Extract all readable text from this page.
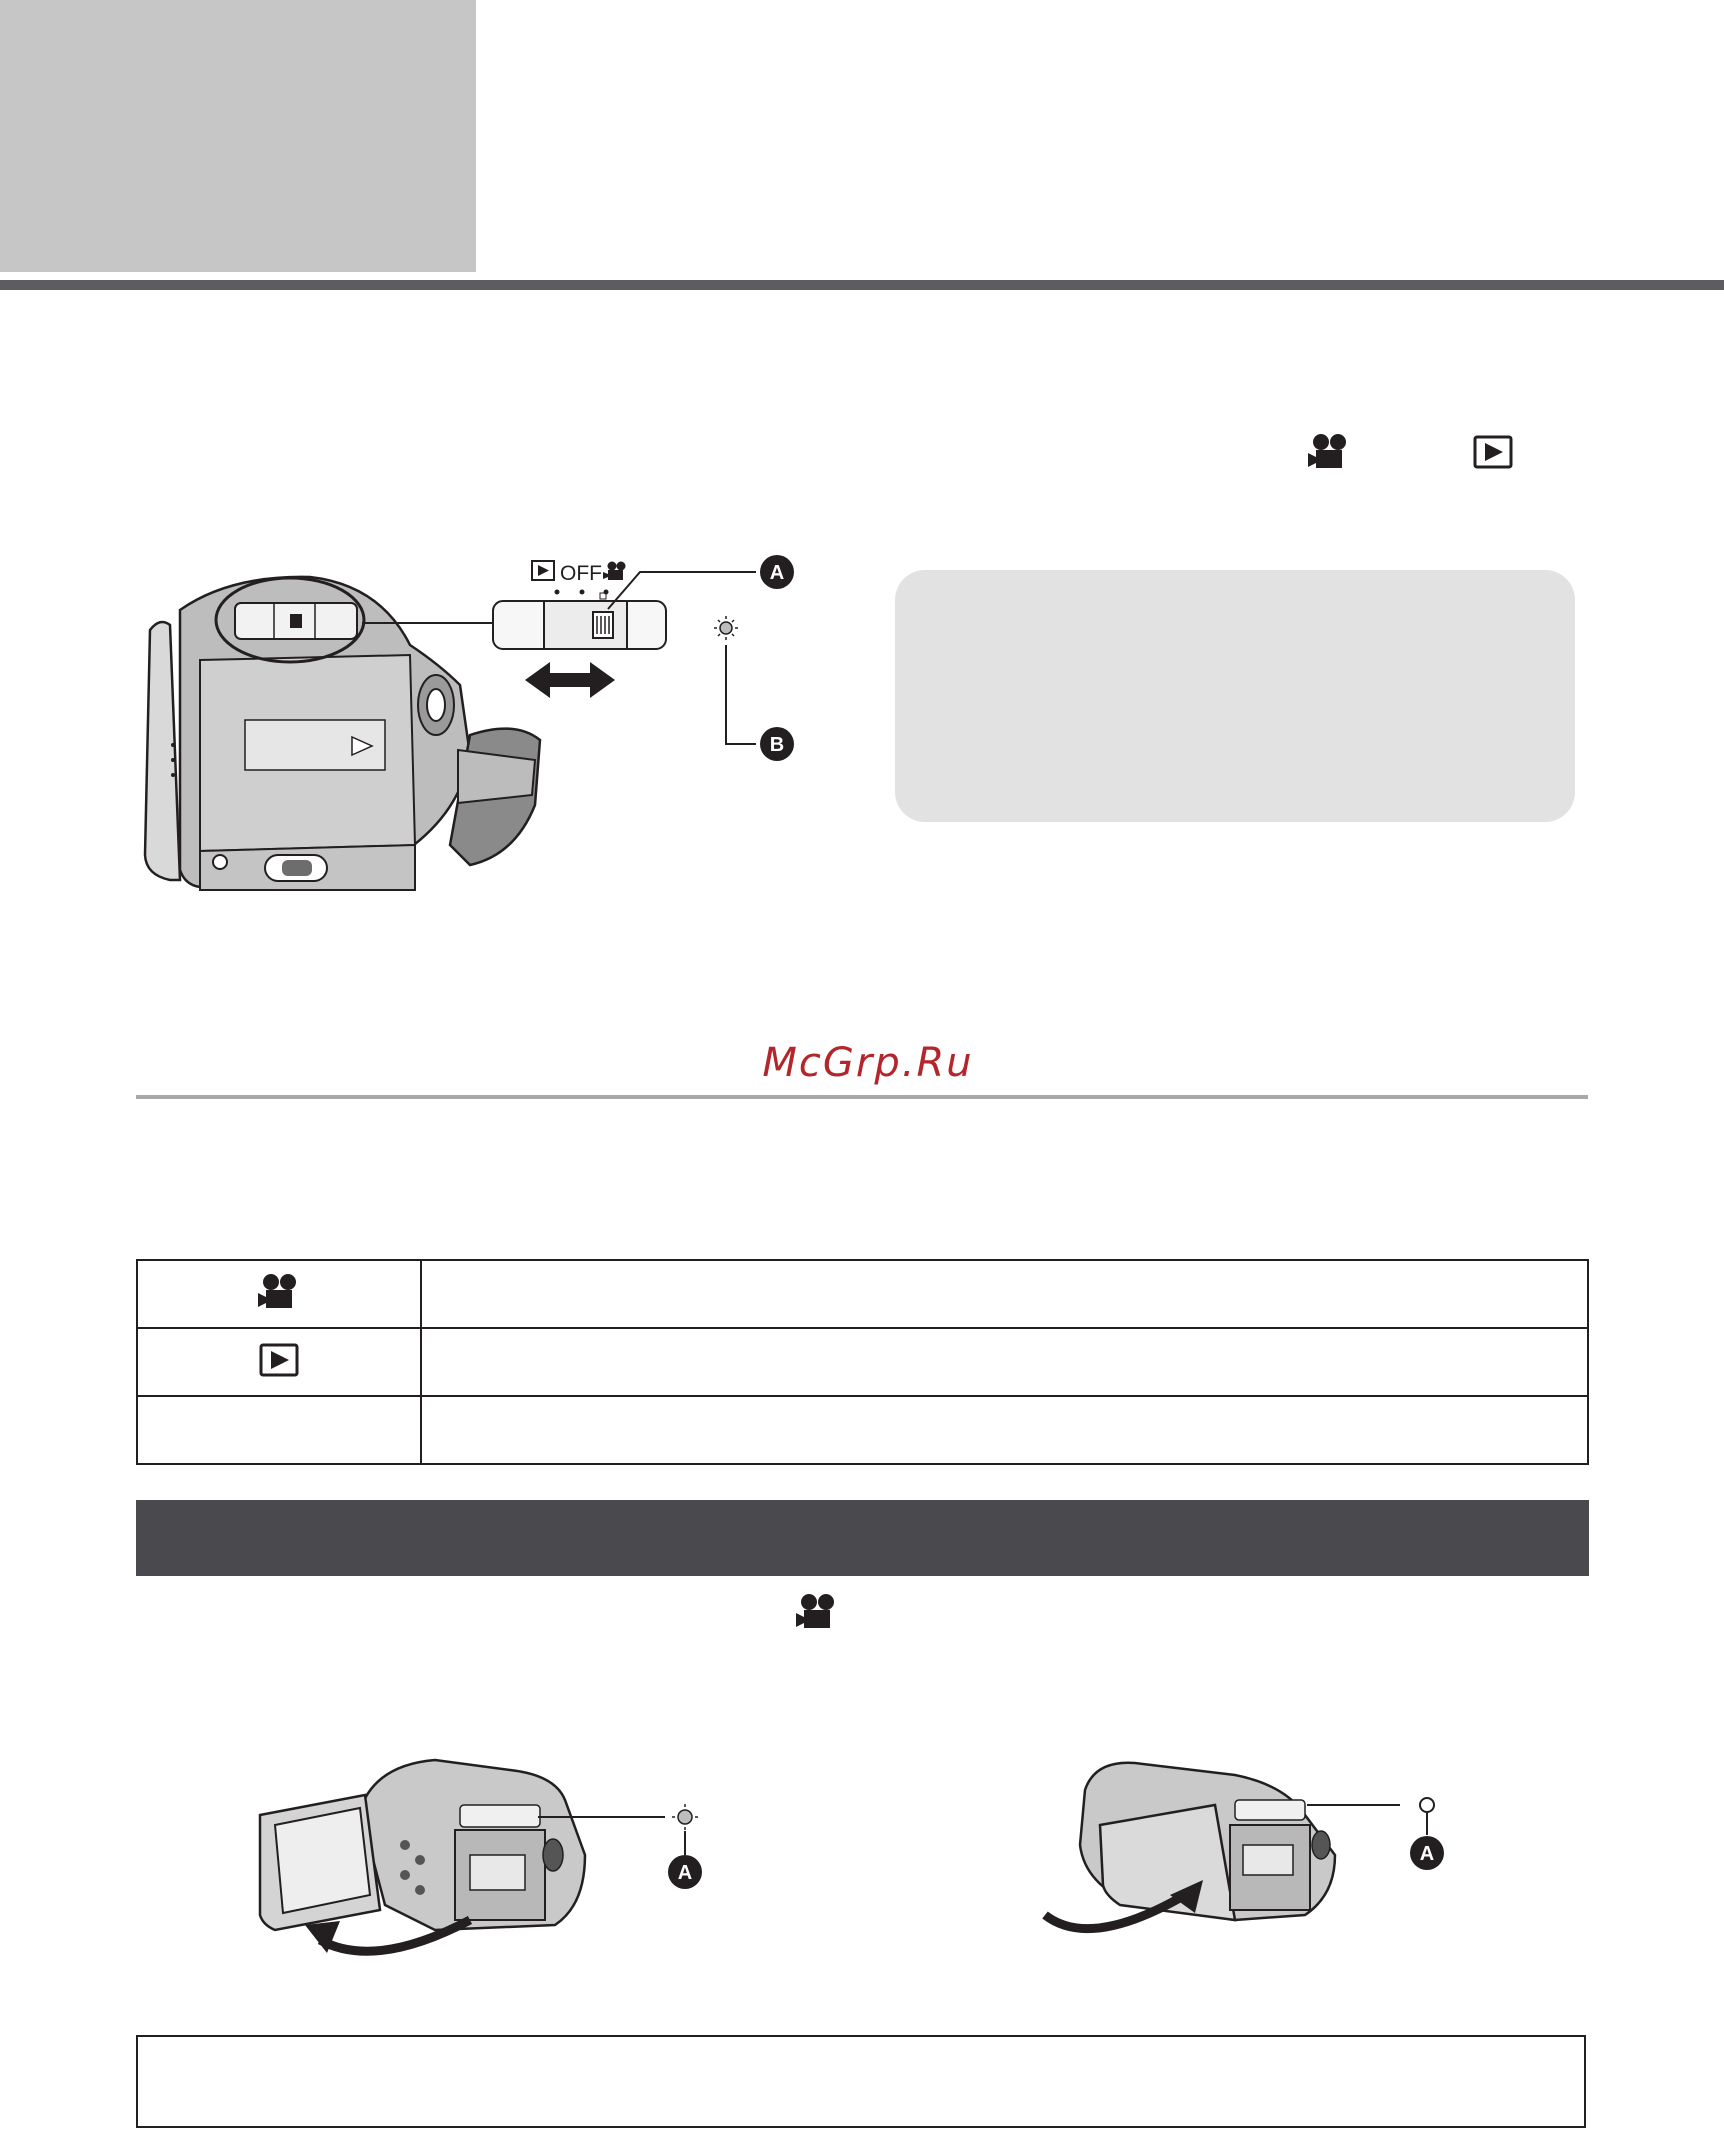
OFF	A
B
McGrp.Ru

A
A
